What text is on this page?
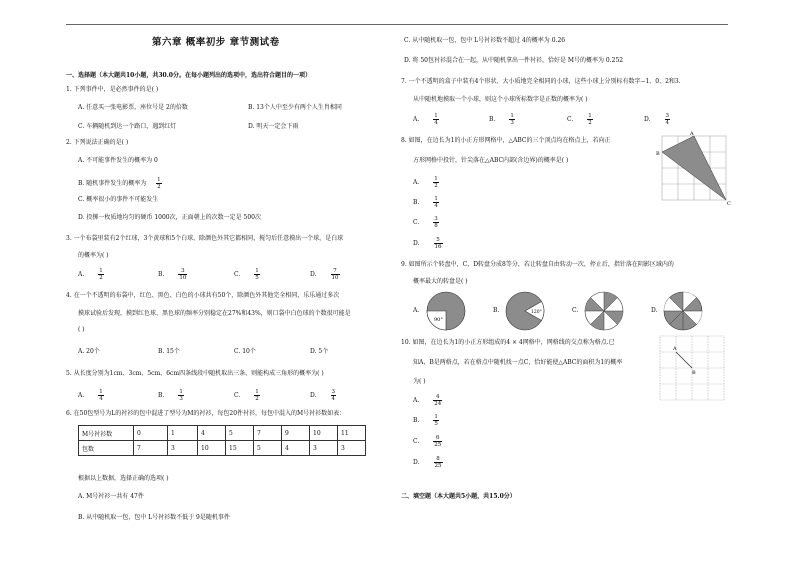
第六章 概率初步 章节测试卷
一、选择题（本大题共10小题，共30.0分。在每小题列出的选项中，选出符合题目的一项）
1. 下列事件中，是必然事件的是( )
A. 任意买一张电影票，座位号是 2的倍数	B. 13个人中至少有两个人生肖相同
C. 车辆随机到达一个路口，遇到红灯	D. 明天一定会下雨
2. 下列说法正确的是( )
A. 不可能事件发生的概率为 0
B. 随机事件发生的概率为 $\frac{1}{2}$
C. 概率很小的事件不可能发生
D. 投掷一枚质地均匀的硬币 1000次，正面朝上的次数一定是 500次
3. 一个布袋里装有2个红球，3个黄球和5个白球，除颜色外其它都相同，搅匀后任意摸出一个球，是白球
的概率为( )
A.	$\frac{1}{2}$	B.	$\frac{3}{10}$	C.	$\frac{1}{5}$	D.	$\frac{7}{10}$
4. 在一个不透明的布袋中，红色、黑色、白色的小球共有50个，除颜色外其他完全相同，乐乐通过多次
摸球试验后发现，摸到红色球、黑色球的频率分别稳定在27%和43%，则口袋中白色球的个数很可能是
( )
A. 20个	B. 15个	C. 10个	D. 5个
5. 从长度分别为1cm、3cm、5cm、6cm四条线段中随机取出三条，则能构成三角形的概率为( )
A.	$\frac{1}{4}$	B.	$\frac{1}{3}$	C.	$\frac{1}{2}$	D.	$\frac{3}{4}$
6. 在50包型号为L的衬衫的包中混进了型号为M的衬衫，每包20件衬衫，每包中混入的M号衬衫数如表：
M号衬衫数	0	1	4	5	7	9	10	11
包数	7	3	10	15	5	4	3	3
根据以上数据，选择正确的选项( )
A. M号衬衫一共有 47件
B. 从中随机取一包，包中 L号衬衫数不低于 9是随机事件
C. 从中随机取一包，包中 L号衬衫数不超过 4的概率为 0.26
D. 将 50包衬衫混合在一起，从中随机拿出一件衬衫，恰好是 M号的概率为 0.252
7. 一个不透明的盒子中装有4个形状、大小质地完全相同的小球，这些小球上分别标有数字−1、0、2和3.
从中随机地摸取一个小球，则这个小球所标数字是正数的概率为( )
A.	$\frac{1}{4}$	B.	$\frac{1}{3}$	C.	$\frac{1}{2}$	D.	$\frac{3}{4}$
8. 如图，在边长为1的小正方形网格中，△ABC的三个顶点均在格点上，若向正
方形网格中投针，针尖落在△ABC内部(含边界)的概率是( )
A.	$\frac{1}{2}$
B.	$\frac{1}{4}$
C.	$\frac{3}{8}$
D.	$\frac{5}{16}$
A
B
C
9. 如图所示个转盘中，C，D转盘分成8等分，若让转盘自由转动一次，停止后，指针落在阴影区域内的
概率最大的转盘是( )
A.
90°
B.	120°	C.	D.
10. 如图，在边长为1的小正方形组成的4 × 4网格中，网格线的交点称为格点.已
知A，B是两格点，若在格点中随机找一点C，恰好能使△ABC的面积为1的概率
为( )
A.	$\frac{4}{24}$
B.	$\frac{1}{5}$
C.	$\frac{6}{25}$
D.	$\frac{8}{25}$
A
B
二、填空题（本大题共5小题，共15.0分）
